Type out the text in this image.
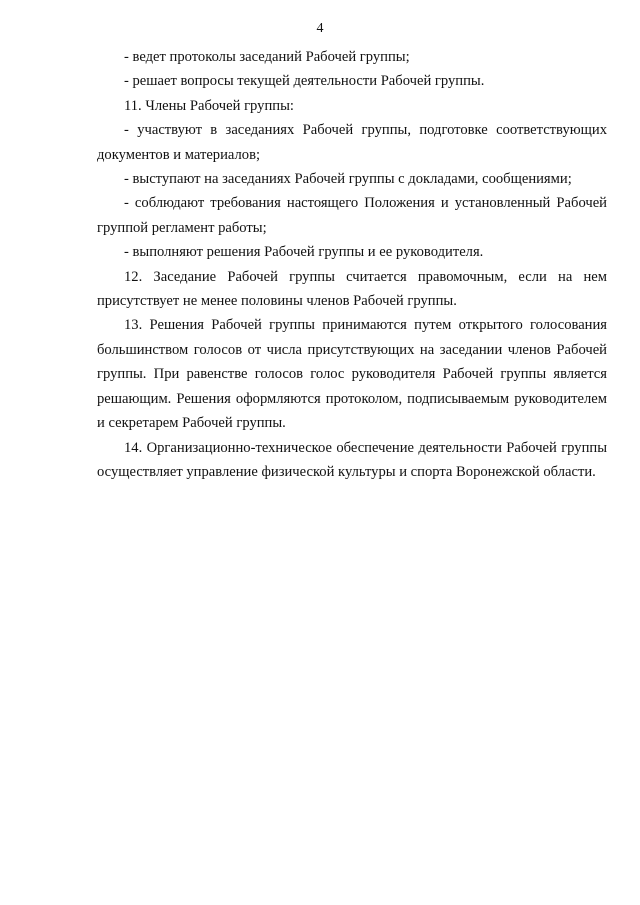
4

- ведет протоколы заседаний Рабочей группы;

- решает вопросы текущей деятельности Рабочей группы.

11. Члены Рабочей группы:

- участвуют в заседаниях Рабочей группы, подготовке соответствующих документов и материалов;

- выступают на заседаниях Рабочей группы с докладами, сообщениями;

- соблюдают требования настоящего Положения и установленный Рабочей группой регламент работы;

- выполняют решения Рабочей группы и ее руководителя.

12. Заседание Рабочей группы считается правомочным, если на нем присутствует не менее половины членов Рабочей группы.

13. Решения Рабочей группы принимаются путем открытого голосования большинством голосов от числа присутствующих на заседании членов Рабочей группы. При равенстве голосов голос руководителя Рабочей группы является решающим. Решения оформляются протоколом, подписываемым руководителем и секретарем Рабочей группы.

14. Организационно-техническое обеспечение деятельности Рабочей группы осуществляет управление физической культуры и спорта Воронежской области.
